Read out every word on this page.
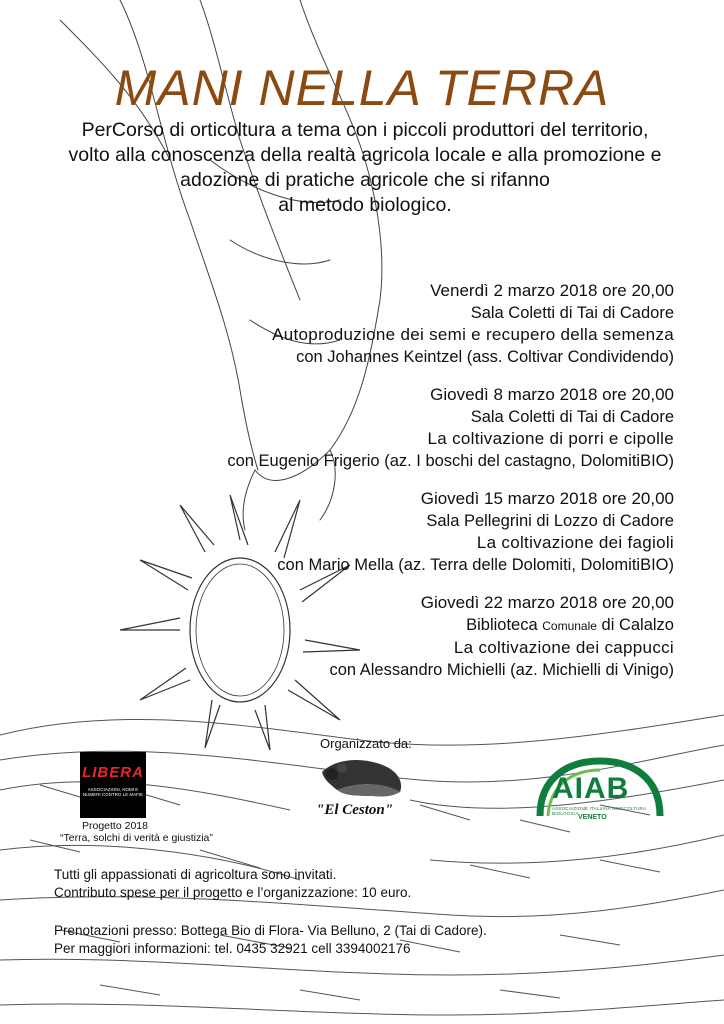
MANI NELLA TERRA
PerCorso di orticoltura a tema con i piccoli produttori del territorio,
volto alla conoscenza della realtà agricola locale e alla promozione e
adozione di pratiche agricole che si rifanno
al metodo biologico.
Venerdì 2 marzo 2018 ore 20,00
Sala Coletti di Tai di Cadore
Autoproduzione dei semi e recupero della semenza
con Johannes Keintzel (ass. Coltivar Condividendo)
Giovedì 8 marzo 2018 ore 20,00
Sala Coletti di Tai di Cadore
La coltivazione di porri e cipolle
con Eugenio Frigerio (az. I boschi del castagno, DolomitiBIO)
Giovedì 15 marzo 2018 ore 20,00
Sala Pellegrini di Lozzo di Cadore
La coltivazione dei fagioli
con Mario Mella (az. Terra delle Dolomiti, DolomitiBIO)
Giovedì 22 marzo 2018 ore 20,00
Biblioteca Comunale di Calalzo
La coltivazione dei cappucci
con Alessandro Michielli (az. Michielli di Vinigo)
Organizzato da:
LIBERA
ASSOCIAZIONI, NOMI E NUMERI CONTRO LE MAFIE
Progetto 2018
“Terra, solchi di verità e giustizia”
"El Ceston"
AIAB
ASSOCIAZIONE ITALIANA AGRICOLTURA BIOLOGICA
VENETO
Tutti gli appassionati di agricoltura sono invitati.
Contributo spese per il progetto e l’organizzazione: 10 euro.
Prenotazioni presso: Bottega Bio di Flora- Via Belluno, 2 (Tai di Cadore).
Per maggiori informazioni: tel. 0435 32921 cell 3394002176
